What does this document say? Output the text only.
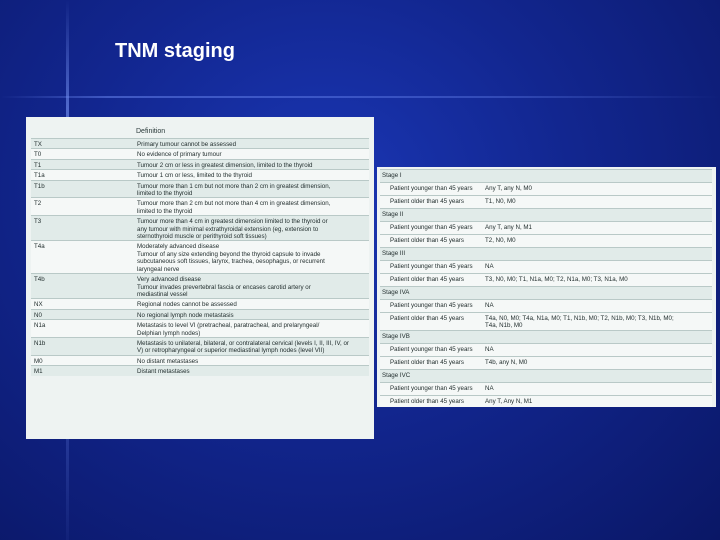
TNM staging
Definition
TX	Primary tumour cannot be assessed
T0	No evidence of primary tumour
T1	Tumour 2 cm or less in greatest dimension, limited to the thyroid
T1a	Tumour 1 cm or less, limited to the thyroid
T1b	Tumour more than 1 cm but not more than 2 cm in greatest dimension,
limited to the thyroid
T2	Tumour more than 2 cm but not more than 4 cm in greatest dimension,
limited to the thyroid
T3	Tumour more than 4 cm in greatest dimension limited to the thyroid or
any tumour with minimal extrathyroidal extension (eg, extension to
sternothyroid muscle or perithyroid soft tissues)
T4a	Moderately advanced disease
Tumour of any size extending beyond the thyroid capsule to invade
subcutaneous soft tissues, larynx, trachea, oesophagus, or recurrent
laryngeal nerve
T4b	Very advanced disease
Tumour invades prevertebral fascia or encases carotid artery or
mediastinal vessel
NX	Regional nodes cannot be assessed
N0	No regional lymph node metastasis
N1a	Metastasis to level VI (pretracheal, paratracheal, and prelaryngeal/
Delphian lymph nodes)
N1b	Metastasis to unilateral, bilateral, or contralateral cervical (levels I, II, III, IV, or
V) or retropharyngeal or superior mediastinal lymph nodes (level VII)
M0	No distant metastases
M1	Distant metastases
Stage I
Patient younger than 45 years	Any T, any N, M0
Patient older than 45 years	T1, N0, M0
Stage II
Patient younger than 45 years	Any T, any N, M1
Patient older than 45 years	T2, N0, M0
Stage III
Patient younger than 45 years	NA
Patient older than 45 years	T3, N0, M0; T1, N1a, M0; T2, N1a, M0; T3, N1a, M0
Stage IVA
Patient younger than 45 years	NA
Patient older than 45 years	T4a, N0, M0; T4a, N1a, M0; T1, N1b, M0; T2, N1b, M0; T3, N1b, M0;
T4a, N1b, M0
Stage IVB
Patient younger than 45 years	NA
Patient older than 45 years	T4b, any N, M0
Stage IVC
Patient younger than 45 years	NA
Patient older than 45 years	Any T, Any N, M1
